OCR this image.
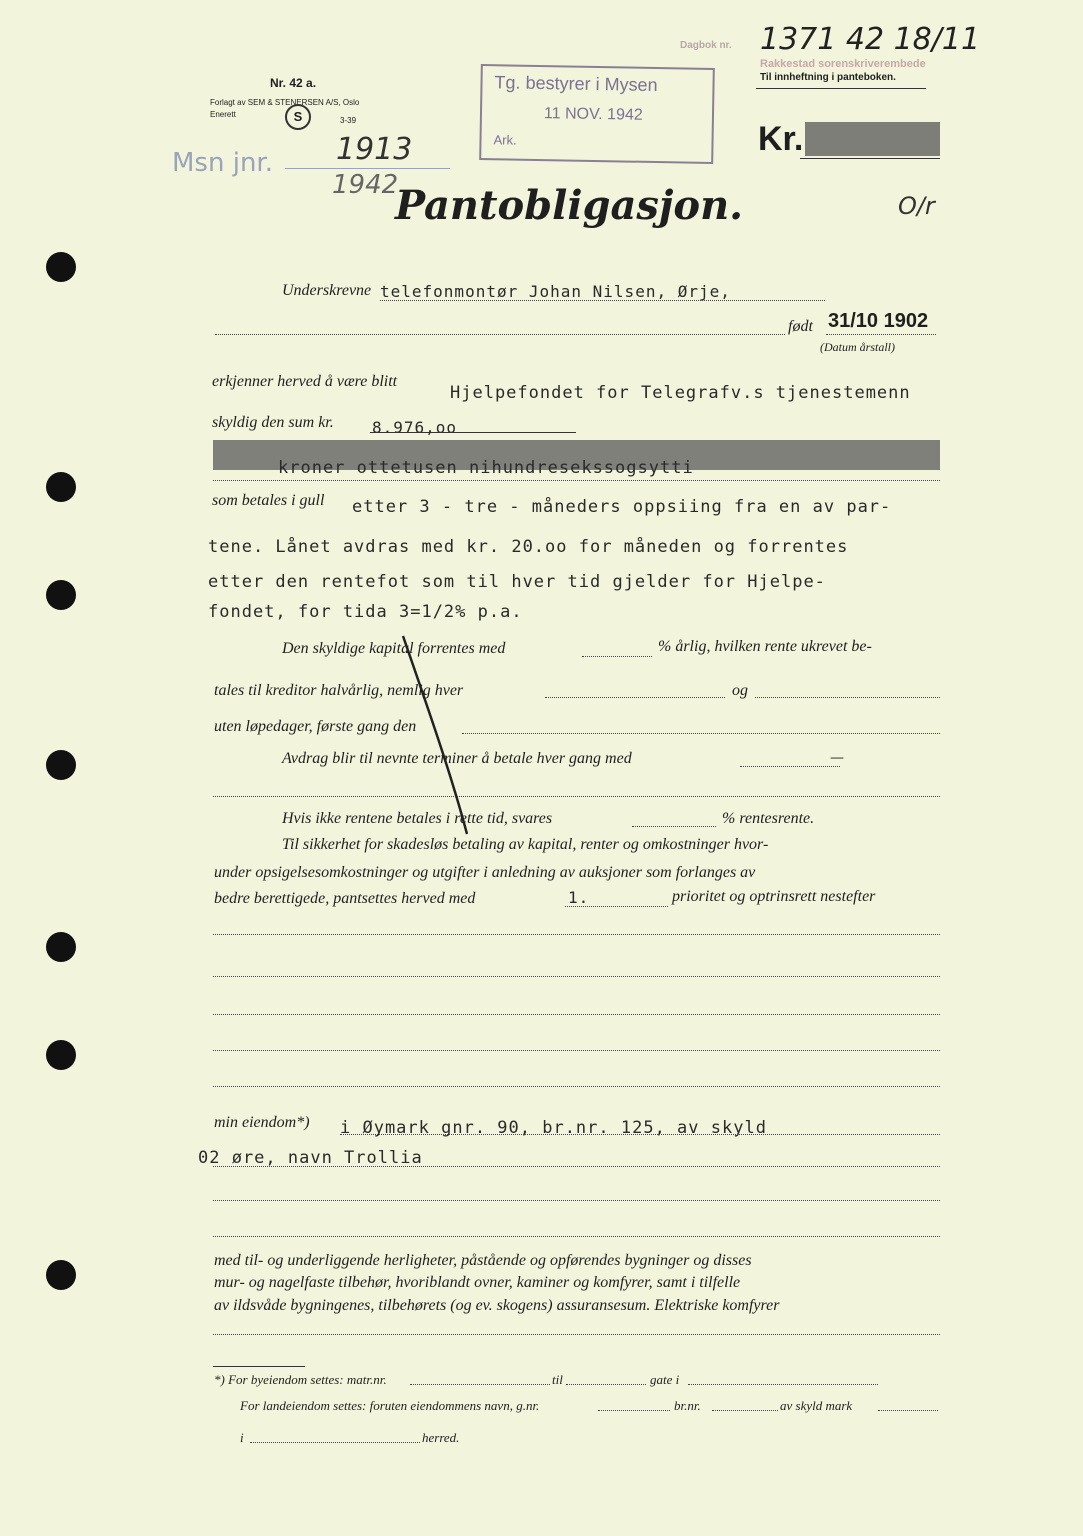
Nr. 42 a.
Forlagt av SEM & STENERSEN A/S, Oslo
Enerett	S	3-39
Tg. bestyrer i Mysen
11 NOV. 1942
Ark.
Dagbok nr. 1371 42 18/11
Rakkestad sorenskriverembede
Til innheftning i panteboken.
Kr.
Msn jnr. 1913
1942
Pantobligasjon.	O/r
Underskrevne telefonmontør Johan Nilsen, Ørje,
født 31/10 1902
(Datum årstall)
erkjenner herved å være blitt
Hjelpefondet for Telegrafv.s tjenestemenn
skyldig den sum kr. 8.976,oo
kroner ottetusen nihundresekssogsytti
som betales i gull etter 3 - tre - måneders oppsiing fra en av par-
tene. Lånet avdras med kr. 20.oo for måneden og forrentes
etter den rentefot som til hver tid gjelder for Hjelpe-
fondet, for tida 3=1/2% p.a.
Den skyldige kapital forrentes med	% årlig, hvilken rente ukrevet be-
tales til kreditor halvårlig, nemlig hver	og
uten løpedager, første gang den
Avdrag blir til nevnte terminer å betale hver gang med	—
Hvis ikke rentene betales i rette tid, svares	% rentesrente.
Til sikkerhet for skadesløs betaling av kapital, renter og omkostninger hvor-
under opsigelsesomkostninger og utgifter i anledning av auksjoner som forlanges av
bedre berettigede, pantsettes herved med	1.	prioritet og optrinsrett nestefter
min eiendom*) i Øymark gnr. 90, br.nr. 125, av skyld
02 øre, navn Trollia
med til- og underliggende herligheter, påstående og opførendes bygninger og disses
mur- og nagelfaste tilbehør, hvoriblandt ovner, kaminer og komfyrer, samt i tilfelle
av ildsvåde bygningenes, tilbehørets (og ev. skogens) assuransesum. Elektriske komfyrer
*) For byeiendom settes: matr.nr.	til	gate i
For landeiendom settes: foruten eiendommens navn, g.nr.	br.nr.	av skyld mark
i	herred.
